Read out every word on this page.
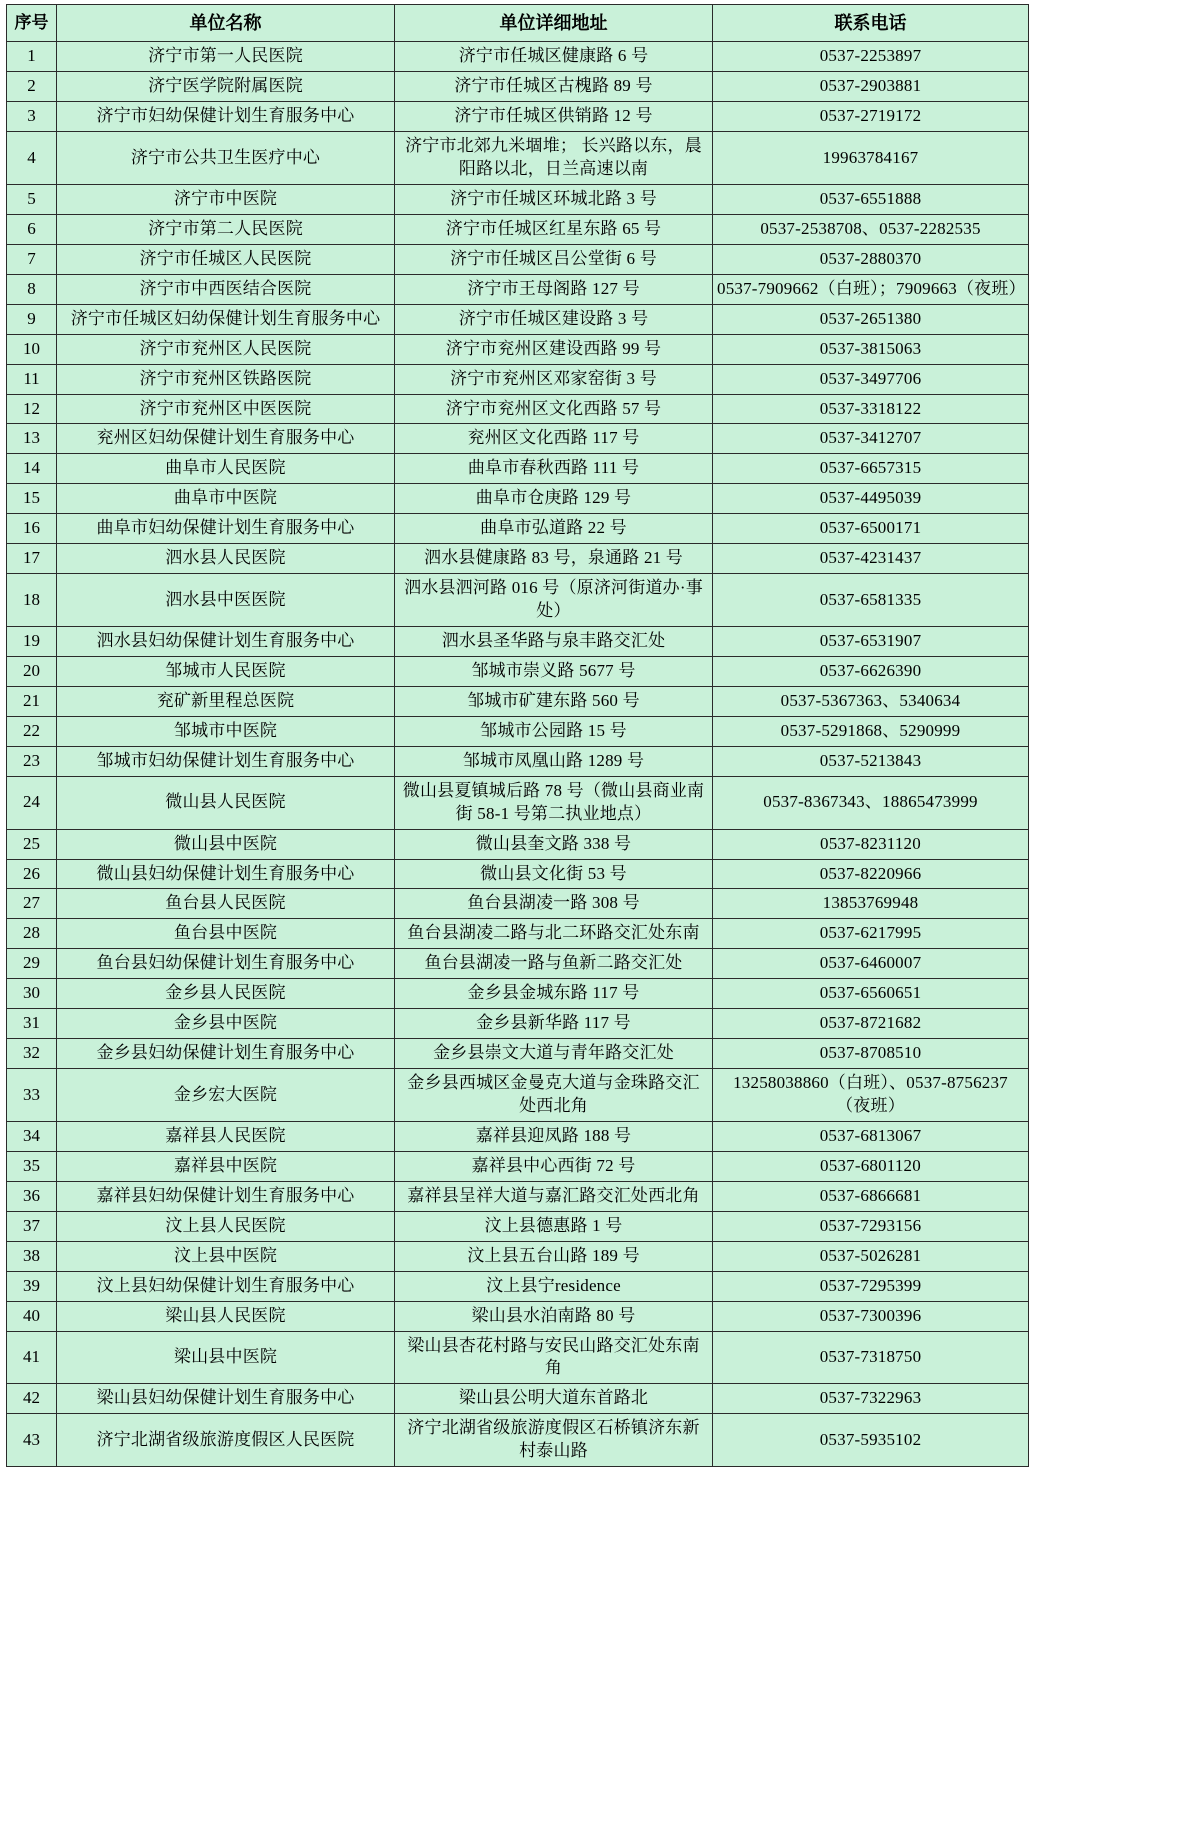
序号	单位名称	单位详细地址	联系电话
1	济宁市第一人民医院	济宁市任城区健康路 6 号	0537-2253897
2	济宁医学院附属医院	济宁市任城区古槐路 89 号	0537-2903881
3	济宁市妇幼保健计划生育服务中心	济宁市任城区供销路 12 号	0537-2719172
4	济宁市公共卫生医疗中心	济宁市北郊九米堌堆； 长兴路以东，晨阳路以北，日兰高速以南	19963784167
5	济宁市中医院	济宁市任城区环城北路 3 号	0537-6551888
6	济宁市第二人民医院	济宁市任城区红星东路 65 号	0537-2538708、0537-2282535
7	济宁市任城区人民医院	济宁市任城区吕公堂街 6 号	0537-2880370
8	济宁市中西医结合医院	济宁市王母阁路 127 号	0537-7909662（白班）；7909663（夜班）
9	济宁市任城区妇幼保健计划生育服务中心	济宁市任城区建设路 3 号	0537-2651380
10	济宁市兖州区人民医院	济宁市兖州区建设西路 99 号	0537-3815063
11	济宁市兖州区铁路医院	济宁市兖州区邓家窑街 3 号	0537-3497706
12	济宁市兖州区中医医院	济宁市兖州区文化西路 57 号	0537-3318122
13	兖州区妇幼保健计划生育服务中心	兖州区文化西路 117 号	0537-3412707
14	曲阜市人民医院	曲阜市春秋西路 111 号	0537-6657315
15	曲阜市中医院	曲阜市仓庚路 129 号	0537-4495039
16	曲阜市妇幼保健计划生育服务中心	曲阜市弘道路 22 号	0537-6500171
17	泗水县人民医院	泗水县健康路 83 号，泉通路 21 号	0537-4231437
18	泗水县中医医院	泗水县泗河路 016 号（原济河街道办·事处）	0537-6581335
19	泗水县妇幼保健计划生育服务中心	泗水县圣华路与泉丰路交汇处	0537-6531907
20	邹城市人民医院	邹城市崇义路 5677 号	0537-6626390
21	兖矿新里程总医院	邹城市矿建东路 560 号	0537-5367363、5340634
22	邹城市中医院	邹城市公园路 15 号	0537-5291868、5290999
23	邹城市妇幼保健计划生育服务中心	邹城市凤凰山路 1289 号	0537-5213843
24	微山县人民医院	微山县夏镇城后路 78 号（微山县商业南街 58-1 号第二执业地点）	0537-8367343、18865473999
25	微山县中医院	微山县奎文路 338 号	0537-8231120
26	微山县妇幼保健计划生育服务中心	微山县文化街 53 号	0537-8220966
27	鱼台县人民医院	鱼台县湖凌一路 308 号	13853769948
28	鱼台县中医院	鱼台县湖凌二路与北二环路交汇处东南	0537-6217995
29	鱼台县妇幼保健计划生育服务中心	鱼台县湖凌一路与鱼新二路交汇处	0537-6460007
30	金乡县人民医院	金乡县金城东路 117 号	0537-6560651
31	金乡县中医院	金乡县新华路 117 号	0537-8721682
32	金乡县妇幼保健计划生育服务中心	金乡县崇文大道与青年路交汇处	0537-8708510
33	金乡宏大医院	金乡县西城区金曼克大道与金珠路交汇处西北角	13258038860（白班）、0537-8756237（夜班）
34	嘉祥县人民医院	嘉祥县迎凤路 188 号	0537-6813067
35	嘉祥县中医院	嘉祥县中心西街 72 号	0537-6801120
36	嘉祥县妇幼保健计划生育服务中心	嘉祥县呈祥大道与嘉汇路交汇处西北角	0537-6866681
37	汶上县人民医院	汶上县德惠路 1 号	0537-7293156
38	汶上县中医院	汶上县五台山路 189 号	0537-5026281
39	汶上县妇幼保健计划生育服务中心	汶上县宁residence	0537-7295399
40	梁山县人民医院	梁山县水泊南路 80 号	0537-7300396
41	梁山县中医院	梁山县杏花村路与安民山路交汇处东南角	0537-7318750
42	梁山县妇幼保健计划生育服务中心	梁山县公明大道东首路北	0537-7322963
43	济宁北湖省级旅游度假区人民医院	济宁北湖省级旅游度假区石桥镇济东新村泰山路	0537-5935102
